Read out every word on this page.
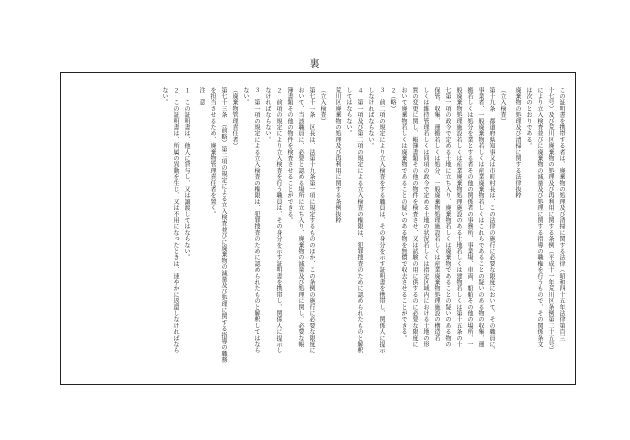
裏

この証明書を携帯する者は、廃棄物の処理及び清掃に関する法律（昭和四十五年法律第百三

十七号）及び荒川区廃棄物の処理及び再利用に関する条例（平成十一年荒川区条例第二十五号）

により立入検査並びに廃棄物の減量及び処理に関する指導の職権を行うもので、その関係条文

は次のとおりである。

廃棄物の処理及び清掃に関する法律抜粋

（立入検査）

第十九条　都道府県知事又は市町村長は、この法律の施行に必要な限度において、その職員に、

事業者、一般廃棄物若しくは産業廃棄物若しくはこれらであることの疑いのある物の収集、運

搬若しくは処分を業とする者その他の関係者の事務所、事業場、車両、船舶その他の場所、一

般廃棄物処理施設若しくは産業廃棄物処理施設のある土地若しくは建物若しくは第十五条の十

七第一項の政令で定める土地に立ち入り、廃棄物若しくは廃棄物であることの疑いのある物の

保管、収集、運搬若しくは処分、一般廃棄物処理施設若しくは産業廃棄物処理施設の構造若

しくは維持管理若しくは同項の政令で定める土地の状況若しくは指定区域内における土地の形

質の変更に関し、帳簿書類その他の物件を検査させ、又は試験の用に供するのに必要な限度に

おいて廃棄物若しくは廃棄物であることの疑いのある物を無償で収去させることができる。

２（略）

３　前二項の規定により立入検査をする職員は、その身分を示す証明書を携帯し、関係人に提示

しなければならない。

４　第一項及び第二項の規定による立入検査の権限は、犯罪捜査のために認められたものと解釈

してはならない。

荒川区廃棄物の処理及び再利用に関する条例抜粋

（立入検査）

第七十一条　区長は、法第十九条第一項に規定するもののほか、この条例の施行に必要な限度に

おいて、当該職員に、必要と認める場所に立ち入り、廃棄物の減量及び処理に関し、必要な帳

簿書類その他の物件を検査させることができる。

２　前項の規定により立入検査を行う職員は、その身分を示す証明書を携帯し、関係人に提示し

なければならない。

３　第一項の規定による立入検査の権限は、犯罪捜査のために認められたものと解釈してはなら

ない。

（廃棄物管理責任者）

第七十三条　（前略）第二項の規定による立入検査並びに廃棄物の減量及び処理に関する指導の職務

を担当させるため、廃棄物管理責任者を置く。

注　意

１　この証明書は、他人に貸与し、又は譲渡してはならない。

２　この証明書は、所属の異動を生じ、又は不用になったときは、速やかに返還しなければなら

ない。
